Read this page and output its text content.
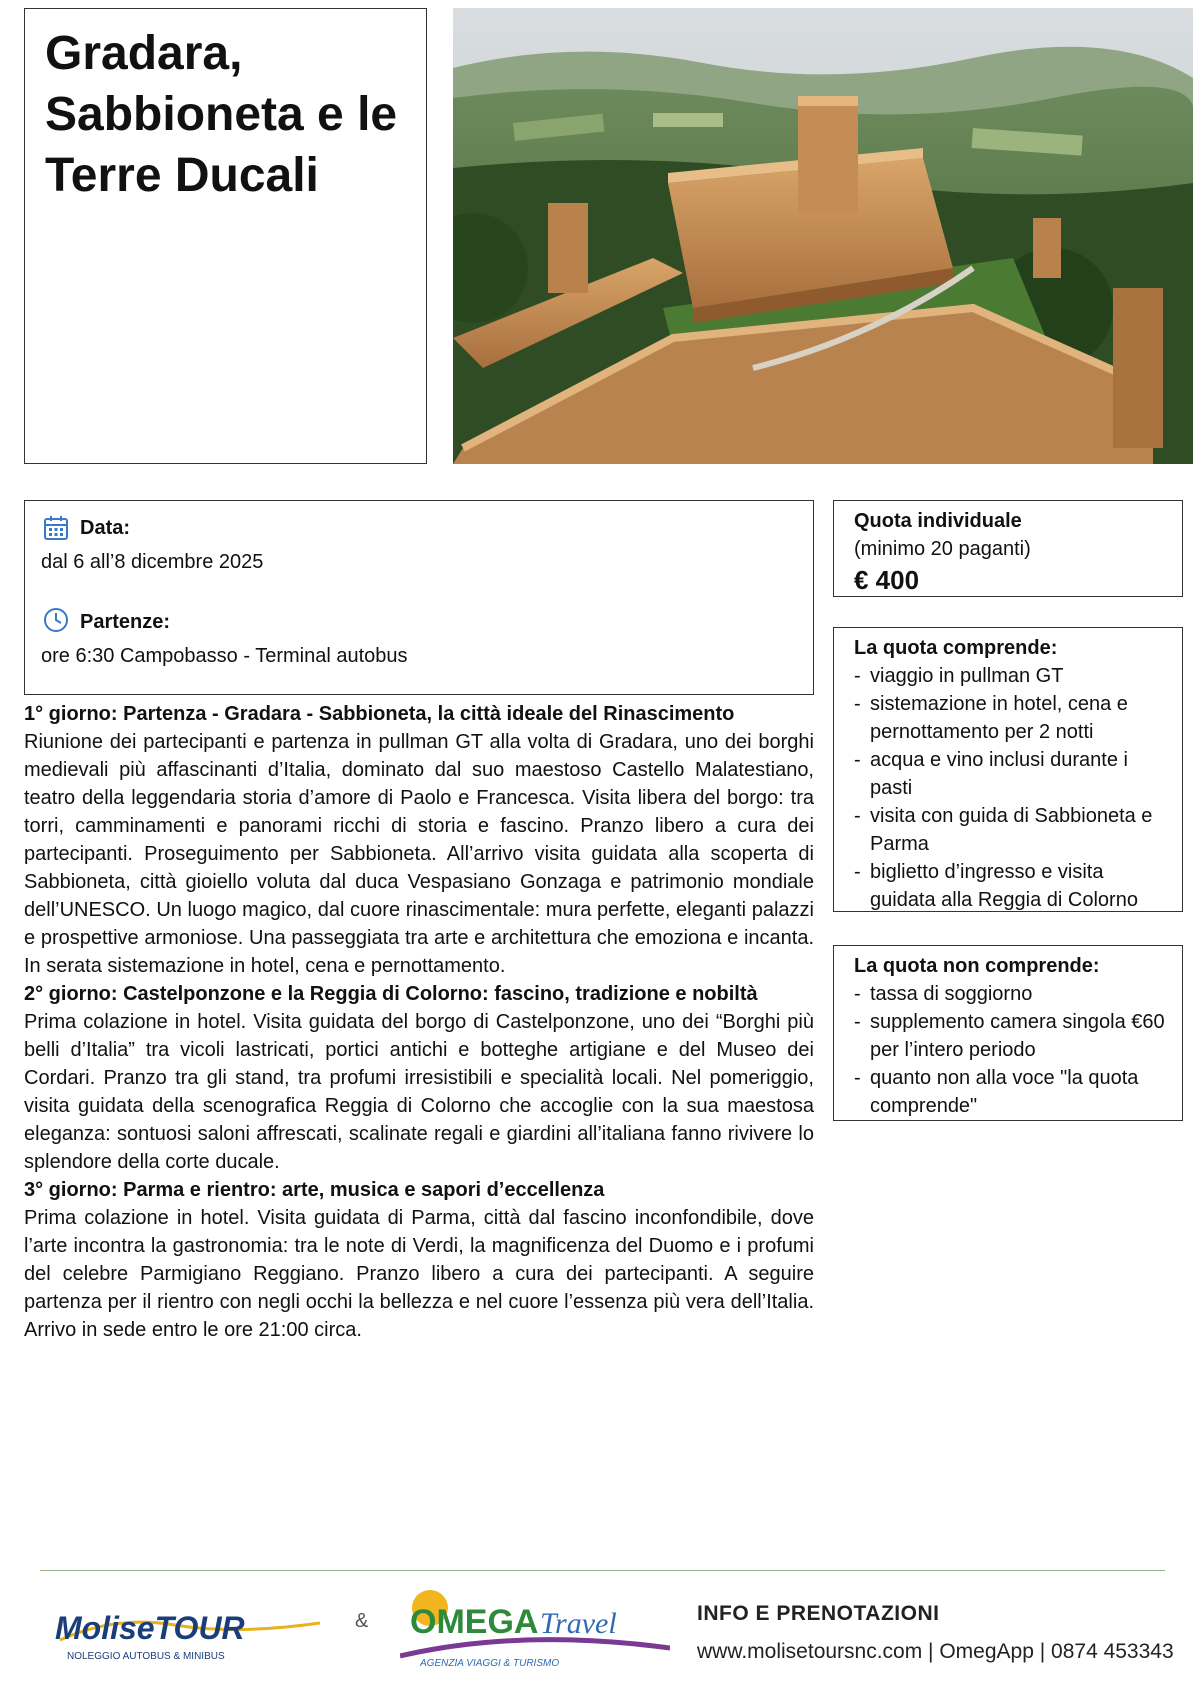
Gradara,
Sabbioneta e le
Terre Ducali
Data:
dal 6 all’8 dicembre 2025
Partenze:
ore 6:30 Campobasso - Terminal autobus
Quota individuale
(minimo 20 paganti)
€ 400
La quota comprende:
- viaggio in pullman GT
- sistemazione in hotel, cena e pernottamento per 2 notti
- acqua e vino inclusi durante i pasti
- visita con guida di Sabbioneta e Parma
- biglietto d’ingresso e visita guidata alla Reggia di Colorno
La quota non comprende:
- tassa di soggiorno
- supplemento camera singola €60 per l’intero periodo
- quanto non alla voce "la quota comprende"

1° giorno: Partenza - Gradara - Sabbioneta, la città ideale del Rinascimento

Riunione dei partecipanti e partenza in pullman GT alla volta di Gradara, uno dei borghi medievali più affascinanti d’Italia, dominato dal suo maestoso Castello Malatestiano, teatro della leggendaria storia d’amore di Paolo e Francesca. Visita libera del borgo: tra torri, camminamenti e panorami ricchi di storia e fascino. Pranzo libero a cura dei partecipanti. Proseguimento per Sabbioneta. All’arrivo visita guidata alla scoperta di Sabbioneta, città gioiello voluta dal duca Vespasiano Gonzaga e patrimonio mondiale dell’UNESCO. Un luogo magico, dal cuore rinascimentale: mura perfette, eleganti palazzi e prospettive armoniose. Una passeggiata tra arte e architettura che emoziona e incanta. In serata sistemazione in hotel, cena e pernottamento.

2° giorno: Castelponzone e la Reggia di Colorno: fascino, tradizione e nobiltà

Prima colazione in hotel. Visita guidata del borgo di Castelponzone, uno dei “Borghi più belli d’Italia” tra vicoli lastricati, portici antichi e botteghe artigiane e del Museo dei Cordari. Pranzo tra gli stand, tra profumi irresistibili e specialità locali. Nel pomeriggio, visita guidata della scenografica Reggia di Colorno che accoglie con la sua maestosa eleganza: sontuosi saloni affrescati, scalinate regali e giardini all’italiana fanno rivivere lo splendore della corte ducale.

3° giorno: Parma e rientro: arte, musica e sapori d’eccellenza

Prima colazione in hotel. Visita guidata di Parma, città dal fascino inconfondibile, dove l’arte incontra la gastronomia: tra le note di Verdi, la magnificenza del Duomo e i profumi del celebre Parmigiano Reggiano. Pranzo libero a cura dei partecipanti. A seguire partenza per il rientro con negli occhi la bellezza e nel cuore l’essenza più vera dell’Italia. Arrivo in sede entro le ore 21:00 circa.

MoliseTOUR
NOLEGGIO AUTOBUS & MINIBUS
& OMEGA Travel
AGENZIA VIAGGI & TURISMO
INFO E PRENOTAZIONI
www.molisetoursnc.com | OmegApp | 0874 453343
